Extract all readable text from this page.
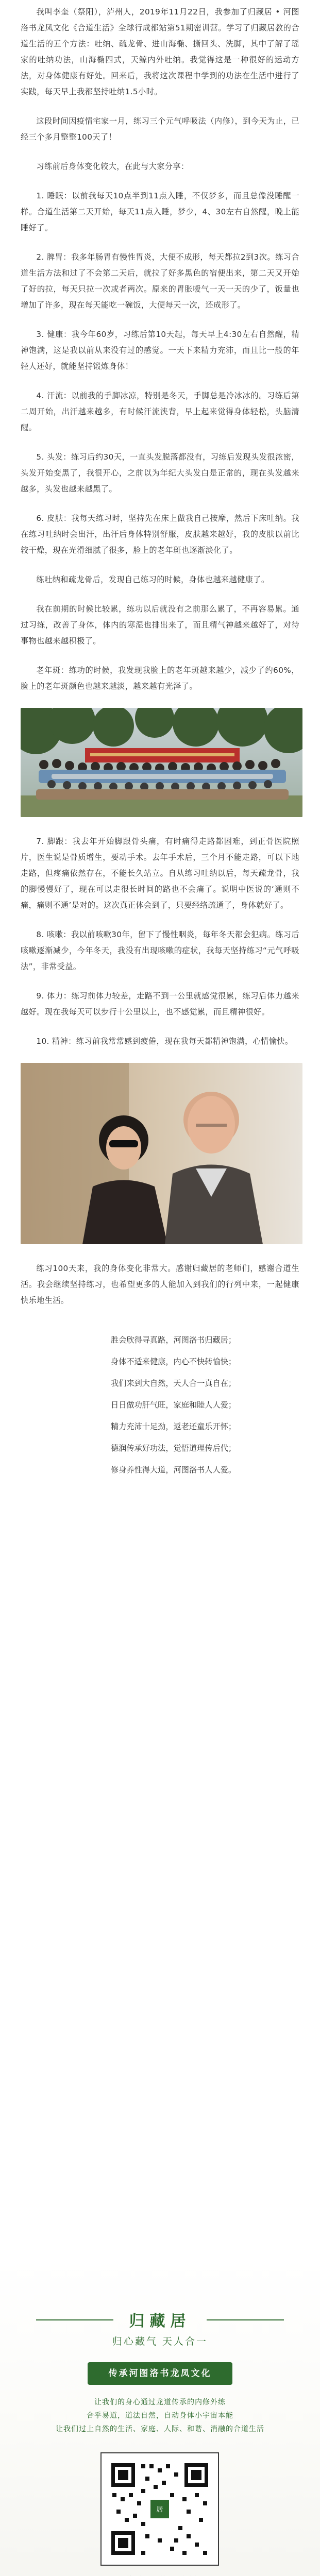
我叫李奎（祭阳），泸州人，2019年11月22日，我参加了归藏居 • 河图洛书龙凤文化《合道生活》全球行成都站第51期密训营。学习了归藏居教的合道生活的五个方法：吐纳、疏龙骨、进山海椭、撕回头、洗脚，其中了解了瑶家的吐纳功法，山海椭四式，天鲸内外吐纳。我觉得这是一种很好的运动方法，对身体健康有好处。回来后，我将这次课程中学到的功法在生活中进行了实践，每天早上我都坚持吐纳1.5小时。

这段时间因疫情宅家一月，练习三个元气呼吸法（内修），到今天为止，已经三个多月整整100天了！

习练前后身体变化较大，在此与大家分享：

1. 睡眠：以前我每天10点半到11点入睡，不仅梦多，而且总像没睡醒一样。合道生活第二天开始，每天11点入睡，梦少，4、30左右自然醒，晚上能睡好了。

2. 脾胃：我多年肠胃有慢性胃炎，大便不成形，每天都拉2到3次。练习合道生活方法和过了不会第二天后，就拉了好多黑色的宿便出来，第二天又开始了好的拉，每天只拉一次或者两次。原来的胃胀嗳气一天一天的少了，饭量也增加了许多，现在每天能吃一碗饭，大便每天一次，还成形了。

3. 健康：我今年60岁，习练后第10天起，每天早上4:30左右自然醒，精神饱满，这是我以前从来没有过的感觉。一天下来精力充沛，而且比一般的年轻人还好，就能坚持锻炼身体！

4. 汗流：以前我的手脚冰凉，特别是冬天，手脚总是冷冰冰的。习练后第二周开始，出汗越来越多，有时候汗流浃背，早上起来觉得身体轻松，头脑清醒。

5. 头发：练习后约30天，一直头发脱落都没有，习练后发现头发很浓密，头发开始变黑了，我很开心，之前以为年纪大头发白是正常的，现在头发越来越多，头发也越来越黑了。

6. 皮肤：我每天练习时，坚持先在床上做我自己按摩，然后下床吐纳。我在练习吐纳时会出汗，出汗后身体特别舒服，皮肤越来越好，我的皮肤以前比较干燥，现在光滑细腻了很多，脸上的老年斑也逐渐淡化了。

练吐纳和疏龙骨后，发现自己练习的时候，身体也越来越健康了。

我在前期的时候比较累，练功以后就没有之前那么累了，不再容易累。通过习练，改善了身体，体内的寒湿也排出来了，而且精气神越来越好了，对待事物也越来越积极了。

老年斑：练功的时候，我发现我脸上的老年斑越来越少，减少了约60%，脸上的老年斑颜色也越来越淡，越来越有光泽了。

7. 脚跟：我去年开始脚跟骨头痛，有时痛得走路都困难，到正骨医院照片，医生说是骨质增生，要动手术。去年手术后，三个月不能走路，可以下地走路，但疼痛依然存在，不能长久站立。自从练习吐纳以后，每天疏龙骨，我的脚慢慢好了，现在可以走很长时间的路也不会痛了。说明中医说的‘通则不痛，痛则不通’是对的。这次真正体会到了，只要经络疏通了，身体就好了。

8. 咳嗽：我以前咳嗽30年，留下了慢性咽炎，每年冬天都会犯病。练习后咳嗽逐渐减少，今年冬天，我没有出现咳嗽的症状，我每天坚持练习“元气呼吸法”，非常受益。

9. 体力：练习前体力较差，走路不到一公里就感觉很累，练习后体力越来越好。现在我每天可以步行十公里以上，也不感觉累，而且精神很好。

10. 精神：练习前我常常感到疲倦，现在我每天都精神饱满，心情愉快。

练习100天来，我的身体变化非常大。感谢归藏居的老师们，感谢合道生活。我会继续坚持练习，也希望更多的人能加入到我们的行列中来，一起健康快乐地生活。

胜会欣得寻真路，河图洛书归藏居；
身体不适来健康，内心不快转愉快；
我们来到大自然，天人合一真自在；
日日做功肝气旺，家庭和睦人人爱；
精力充沛十足劲，返老还童乐开怀；
德润传承好功法，觉悟道理传后代；
修身养性得大道，河图洛书人人爱。
归藏居
归心藏气 天人合一
传承河图洛书龙凤文化
让我们的身心通过龙道传承的内修外练
合乎易道，道法自然，自动身体小宇宙本能
让我们过上自然的生活、家庭、人际、和谐、消融的合道生活
居
